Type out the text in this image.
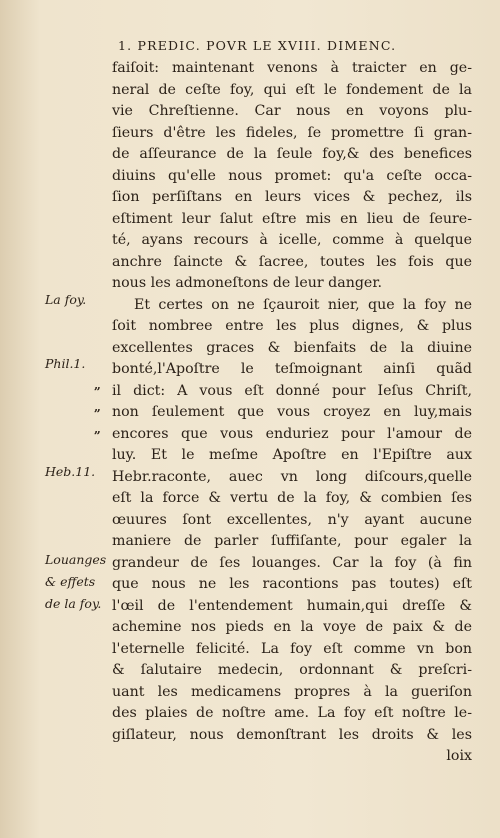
1. PREDIC. POVR LE XVIII. DIMENC.
La foy.
Phil.1.
Heb.11.
Louanges
& effets
de la foy.
„
„
„
faiſoit: maintenant venons à traicter en ge-
neral de ceſte foy, qui eſt le fondement de la
vie Chreſtienne. Car nous en voyons plu-
ſieurs d'être les fideles, ſe promettre ſi gran-
de aſſeurance de la ſeule foy,& des benefices
diuins qu'elle nous promet: qu'a ceſte occa-
ſion perſiſtans en leurs vices & pechez, ils
eſtiment leur ſalut eſtre mis en lieu de ſeure-
té, ayans recours à icelle, comme à quelque
anchre ſaincte & ſacree, toutes les fois que
nous les admoneſtons de leur danger.
Et certes on ne ſçauroit nier, que la foy ne
ſoit nombree entre les plus dignes, & plus
excellentes graces & bienfaits de la diuine
bonté,l'Apoſtre le teſmoignant ainſi quãd
il dict: A vous eſt donné pour Ieſus Chriſt,
non ſeulement que vous croyez en luy,mais
encores que vous enduriez pour l'amour de
luy. Et le meſme Apoſtre en l'Epiſtre aux
Hebr.raconte, auec vn long diſcours,quelle
eſt la force & vertu de la foy, & combien ſes
œuures ſont excellentes, n'y ayant aucune
maniere de parler ſuffiſante, pour egaler la
grandeur de ſes louanges. Car la foy (à fin
que nous ne les racontions pas toutes) eſt
l'œil de l'entendement humain,qui dreſſe &
achemine nos pieds en la voye de paix & de
l'eternelle felicité. La foy eſt comme vn bon
& ſalutaire medecin, ordonnant & preſcri-
uant les medicamens propres à la gueriſon
des plaies de noſtre ame. La foy eſt noſtre le-
giſlateur, nous demonſtrant les droits & les
loix
